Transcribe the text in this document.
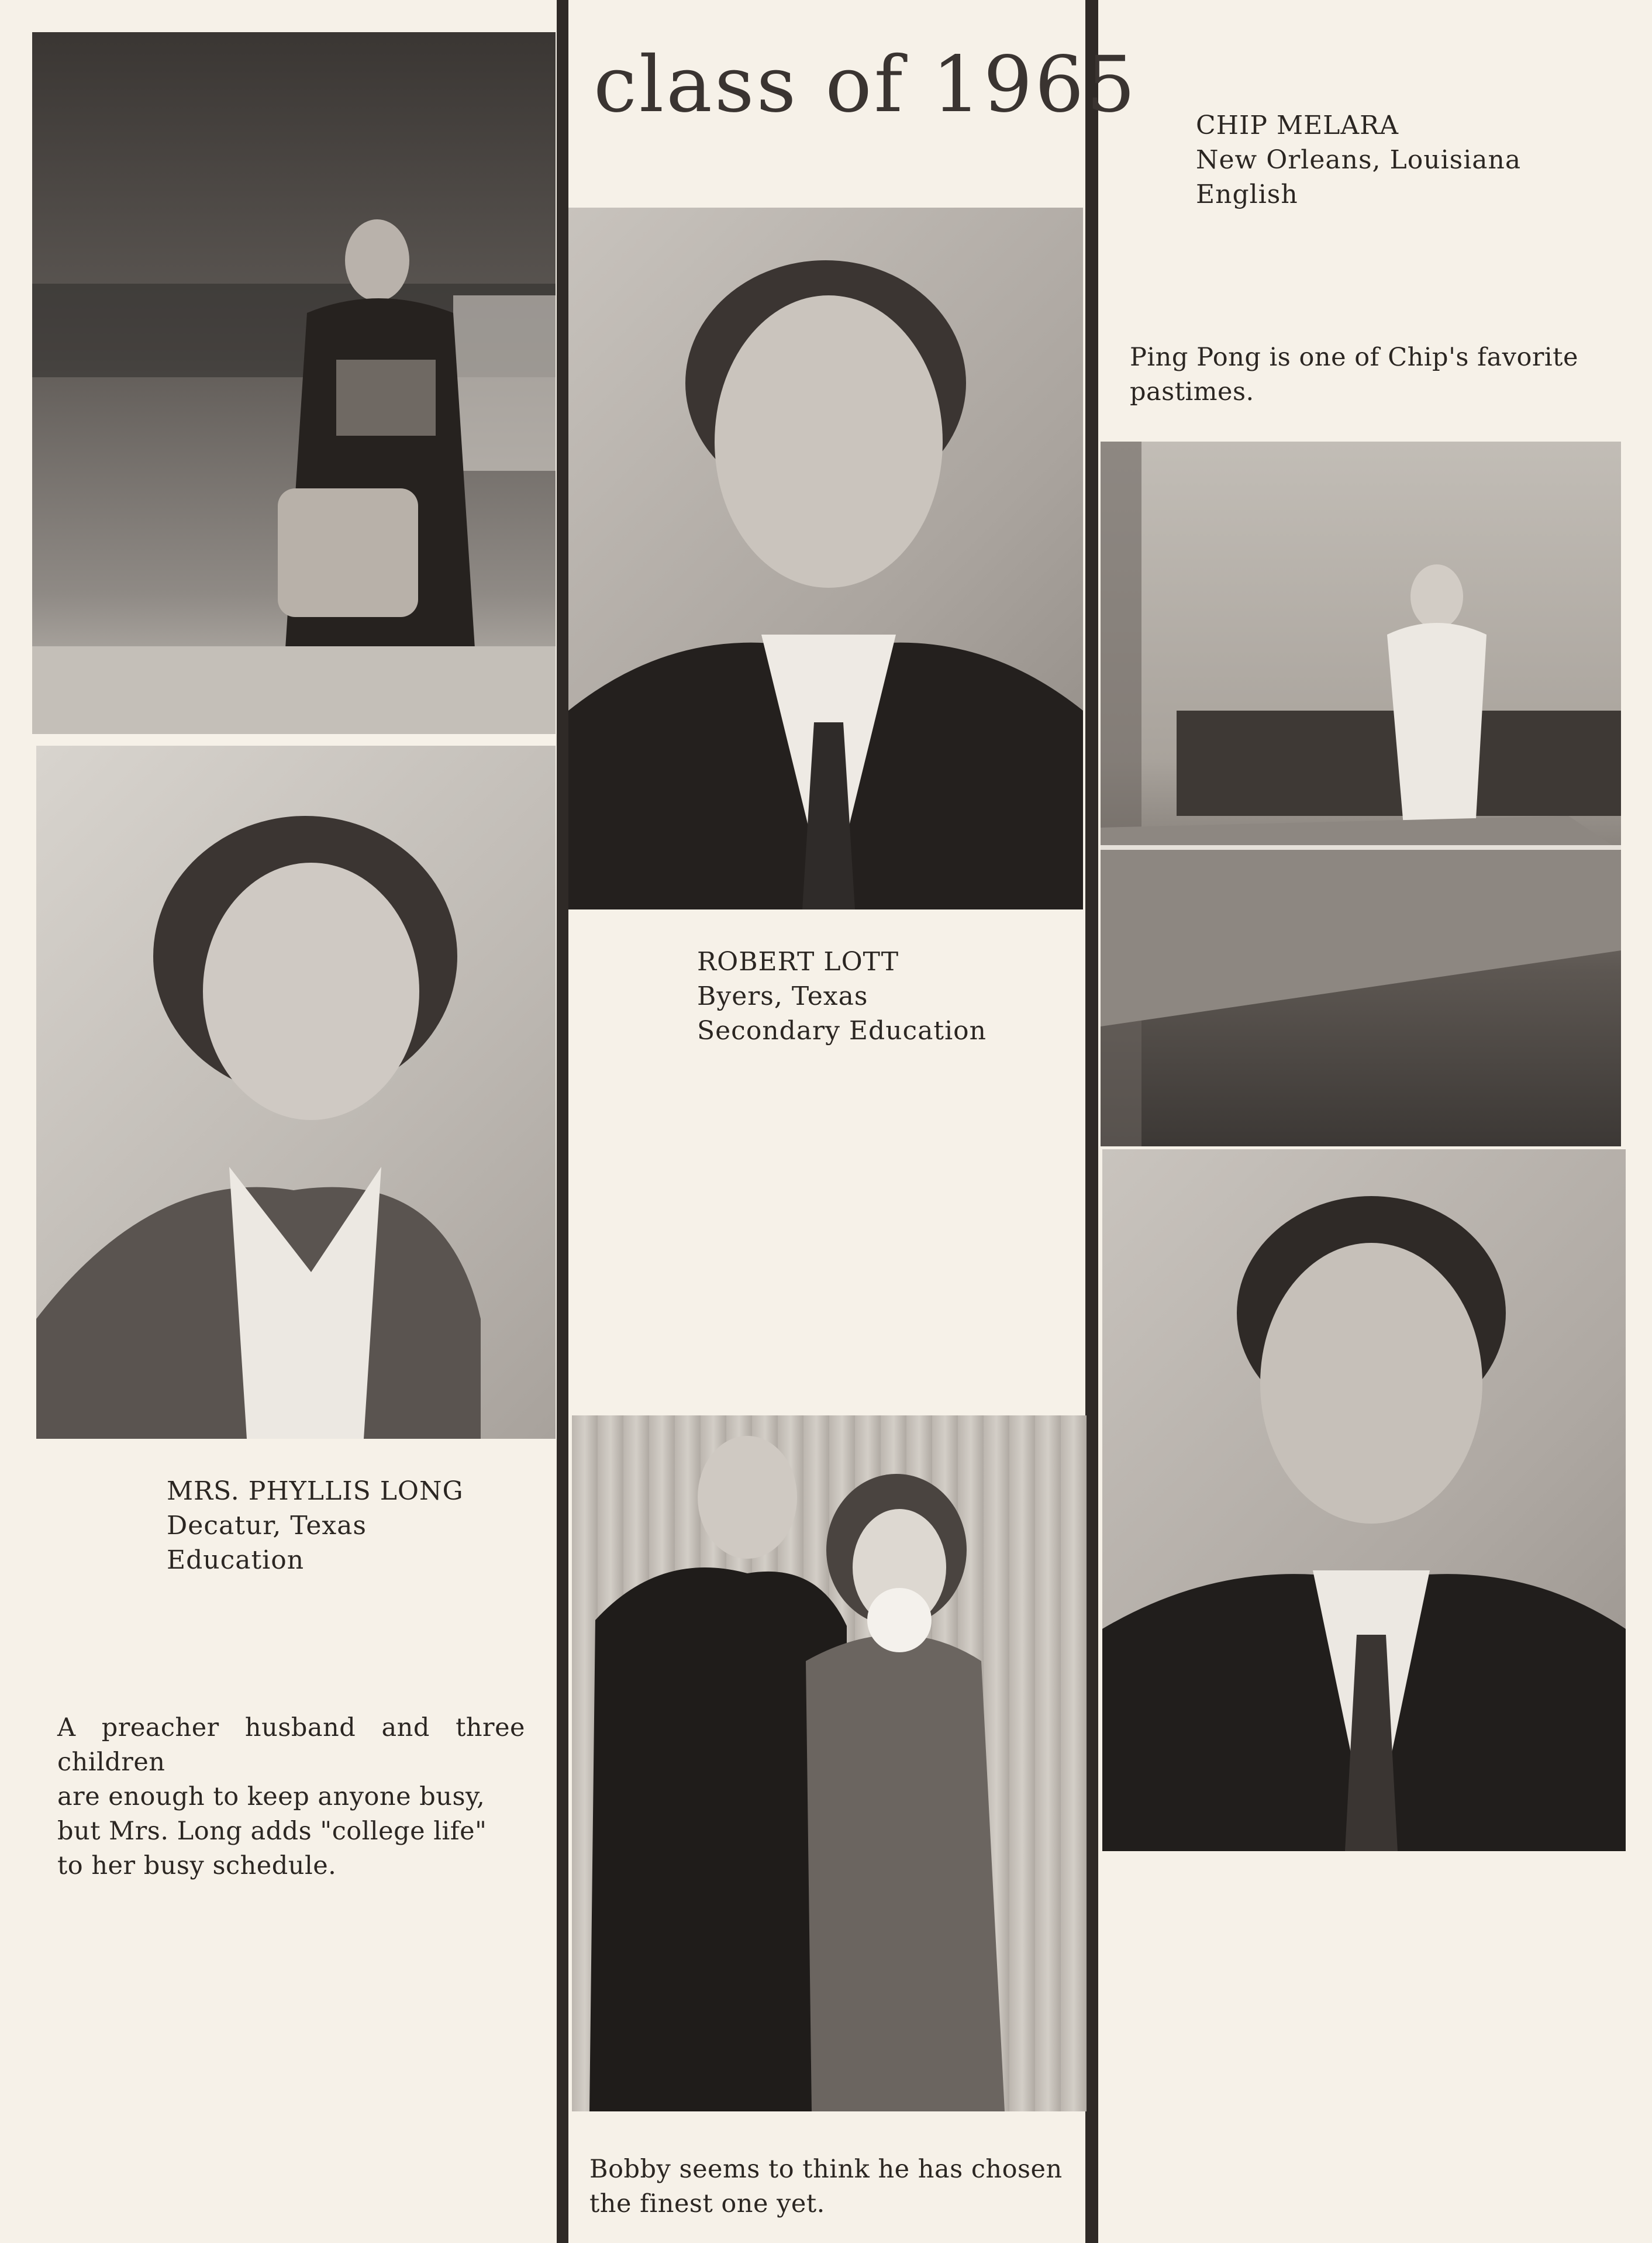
class of 1965
MRS. PHYLLIS LONG
Decatur, Texas
Education
A preacher husband and three children
are enough to keep anyone busy,
but Mrs. Long adds "college life"
to her busy schedule.
ROBERT LOTT
Byers, Texas
Secondary Education
Bobby seems to think he has chosen
the finest one yet.
CHIP MELARA
New Orleans, Louisiana
English
Ping Pong is one of Chip's favorite
pastimes.
